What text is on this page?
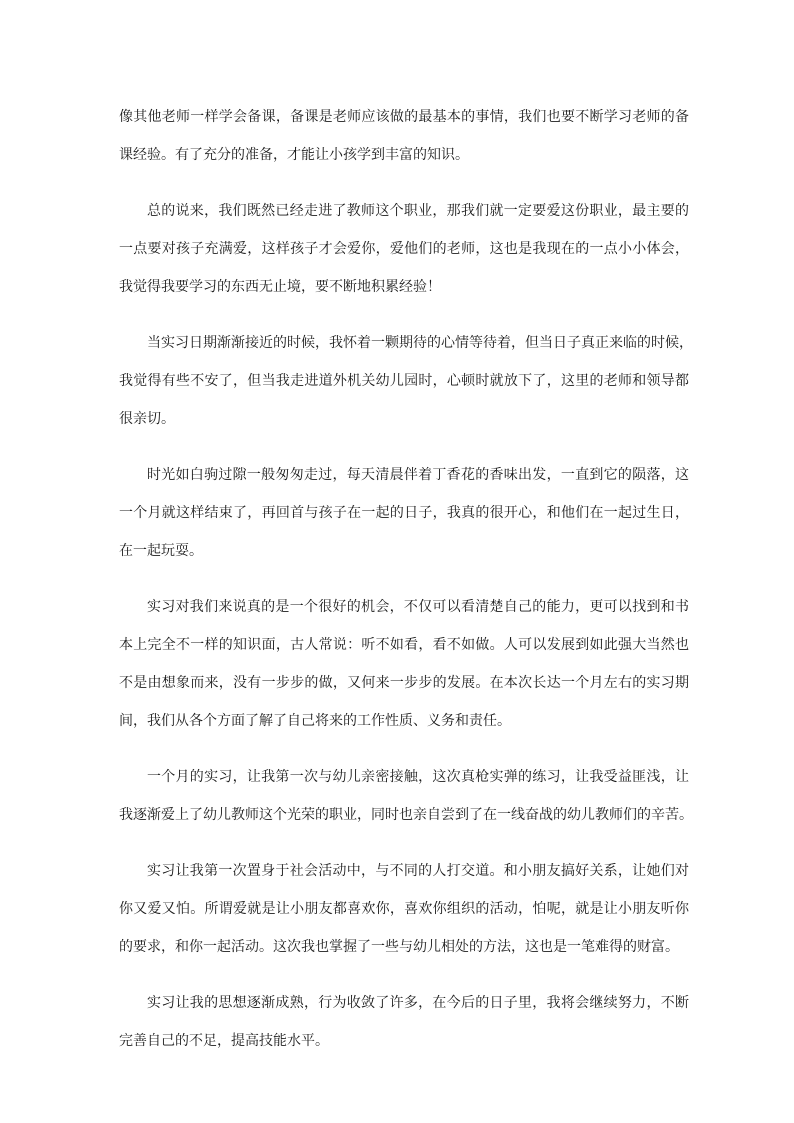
像其他老师一样学会备课，备课是老师应该做的最基本的事情，我们也要不断学习老师的备
课经验。有了充分的准备，才能让小孩学到丰富的知识。
总的说来，我们既然已经走进了教师这个职业，那我们就一定要爱这份职业，最主要的
一点要对孩子充满爱，这样孩子才会爱你，爱他们的老师，这也是我现在的一点小小体会，
我觉得我要学习的东西无止境，要不断地积累经验！
当实习日期渐渐接近的时候，我怀着一颗期待的心情等待着，但当日子真正来临的时候，
我觉得有些不安了，但当我走进道外机关幼儿园时，心顿时就放下了，这里的老师和领导都
很亲切。
时光如白驹过隙一般匆匆走过，每天清晨伴着丁香花的香味出发，一直到它的陨落，这
一个月就这样结束了，再回首与孩子在一起的日子，我真的很开心，和他们在一起过生日，
在一起玩耍。
实习对我们来说真的是一个很好的机会，不仅可以看清楚自己的能力，更可以找到和书
本上完全不一样的知识面，古人常说：听不如看，看不如做。人可以发展到如此强大当然也
不是由想象而来，没有一步步的做，又何来一步步的发展。在本次长达一个月左右的实习期
间，我们从各个方面了解了自己将来的工作性质、义务和责任。
一个月的实习，让我第一次与幼儿亲密接触，这次真枪实弹的练习，让我受益匪浅，让
我逐渐爱上了幼儿教师这个光荣的职业，同时也亲自尝到了在一线奋战的幼儿教师们的辛苦。
实习让我第一次置身于社会活动中，与不同的人打交道。和小朋友搞好关系，让她们对
你又爱又怕。所谓爱就是让小朋友都喜欢你，喜欢你组织的活动，怕呢，就是让小朋友听你
的要求，和你一起活动。这次我也掌握了一些与幼儿相处的方法，这也是一笔难得的财富。
实习让我的思想逐渐成熟，行为收敛了许多，在今后的日子里，我将会继续努力，不断
完善自己的不足，提高技能水平。
